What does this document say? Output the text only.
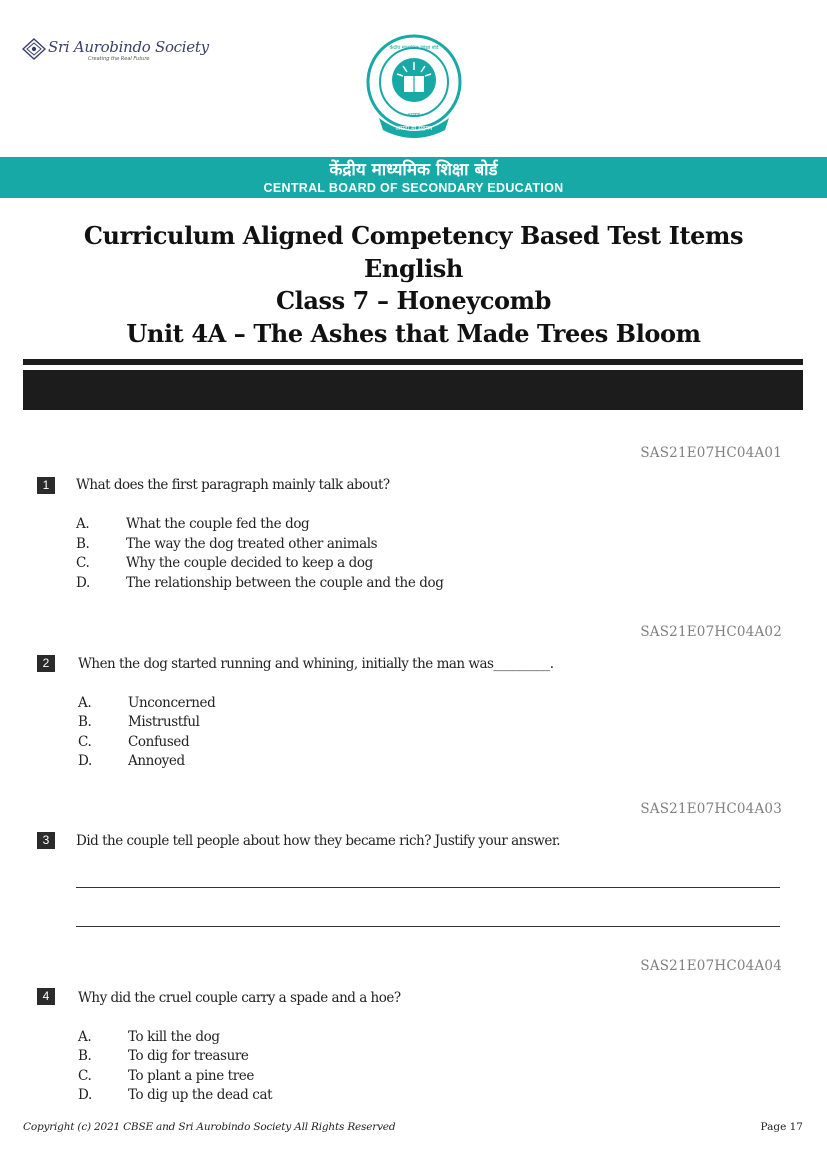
Sri Aurobindo Society
Creating the Real Future
भारत
असतो मा सद्गमय
केंद्रीय माध्यमिक शिक्षा बोर्ड
केंद्रीय माध्यमिक शिक्षा बोर्ड
CENTRAL BOARD OF SECONDARY EDUCATION
Curriculum Aligned Competency Based Test Items
English
Class 7 – Honeycomb
Unit 4A – The Ashes that Made Trees Bloom
SAS21E07HC04A01
1	What does the first paragraph mainly talk about?
A.	What the couple fed the dog
B.	The way the dog treated other animals
C.	Why the couple decided to keep a dog
D.	The relationship between the couple and the dog
SAS21E07HC04A02
2	When the dog started running and whining, initially the man was_________.
A.	Unconcerned
B.	Mistrustful
C.	Confused
D.	Annoyed
SAS21E07HC04A03
3	Did the couple tell people about how they became rich? Justify your answer.
SAS21E07HC04A04
4	Why did the cruel couple carry a spade and a hoe?
A.	To kill the dog
B.	To dig for treasure
C.	To plant a pine tree
D.	To dig up the dead cat
Copyright (c) 2021 CBSE and Sri Aurobindo Society All Rights Reserved	Page 17
